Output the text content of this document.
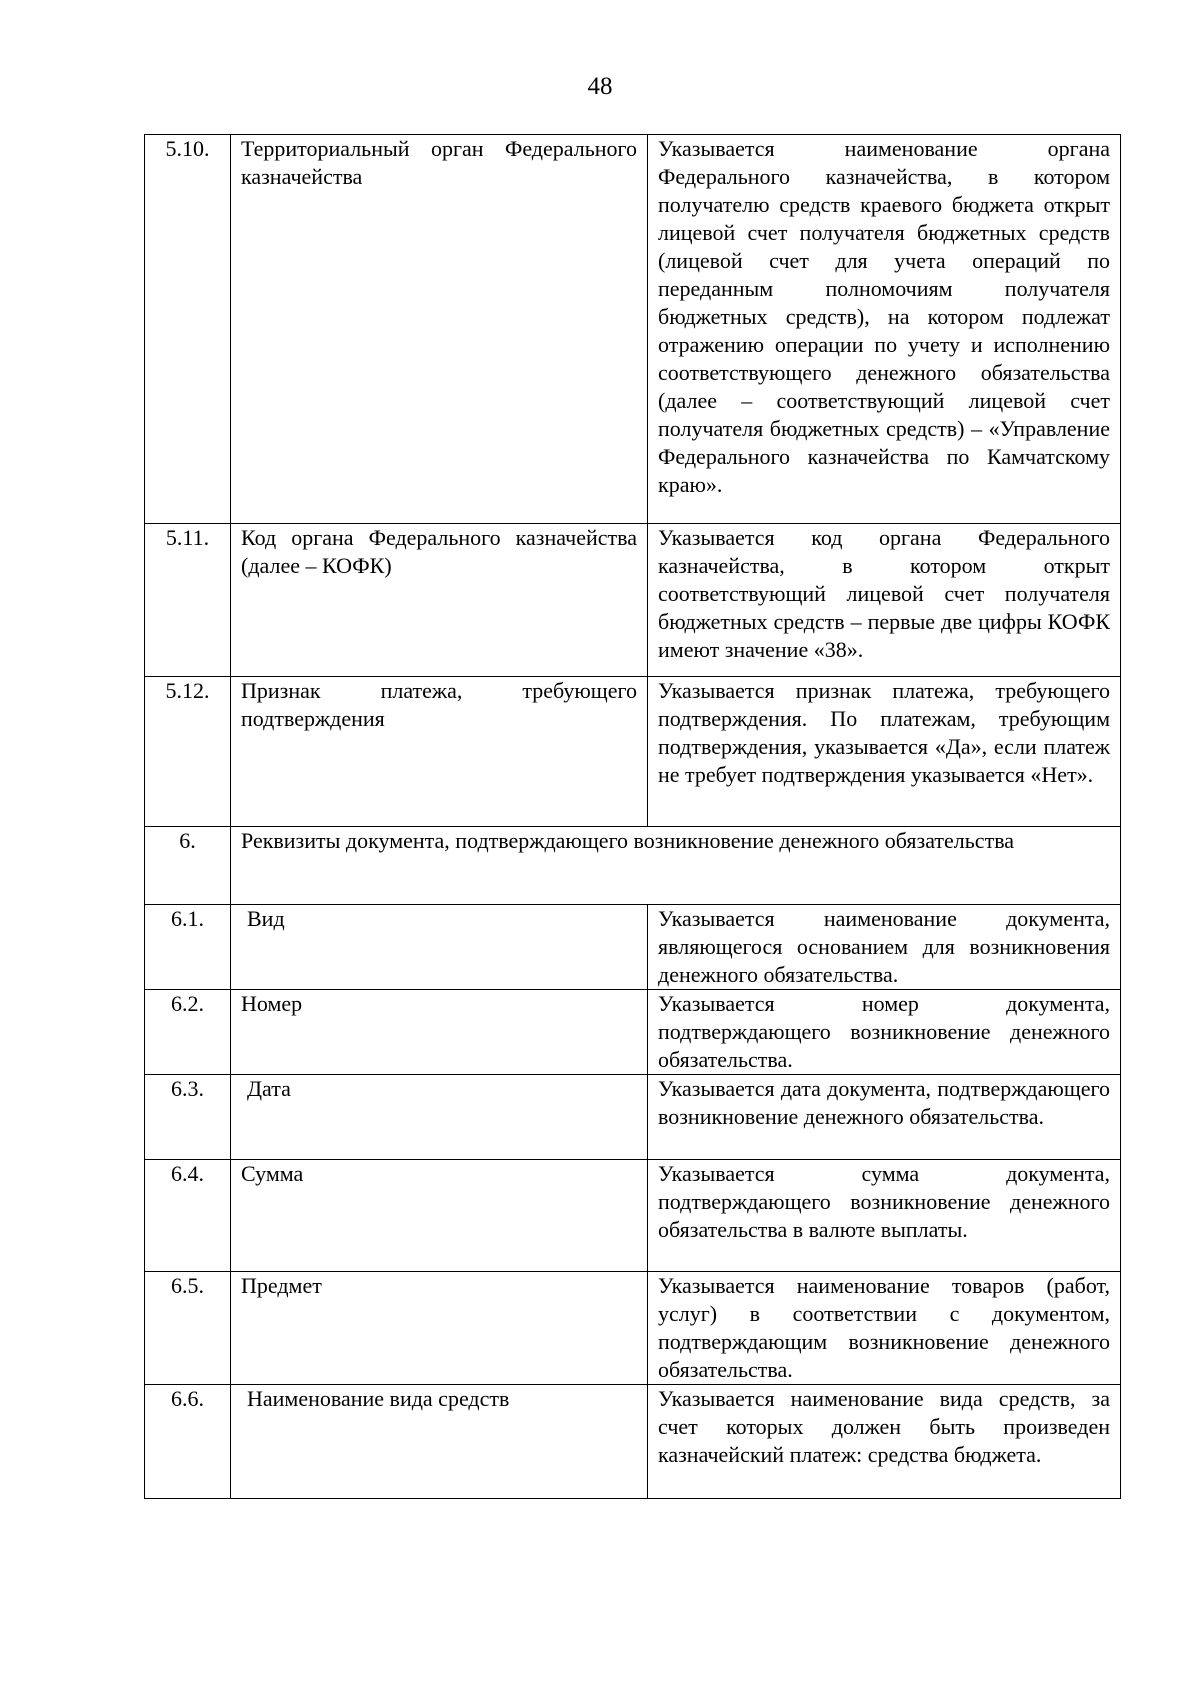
48
5.10.	Территориальный орган Федерального казначейства	Указывается наименование органа Федерального казначейства, в котором получателю средств краевого бюджета открыт лицевой счет получателя бюджетных средств (лицевой счет для учета операций по переданным полномочиям получателя бюджетных средств), на котором подлежат отражению операции по учету и исполнению соответствующего денежного обязательства (далее – соответствующий лицевой счет получателя бюджетных средств) – «Управление Федерального казначейства по Камчатскому краю».
5.11.	Код органа Федерального казначейства (далее – КОФК)	Указывается код органа Федерального казначейства, в котором открыт соответствующий лицевой счет получателя бюджетных средств – первые две цифры КОФК имеют значение «38».
5.12.	Признак платежа, требующего подтверждения	Указывается признак платежа, требующего подтверждения. По платежам, требующим подтверждения, указывается «Да», если платеж не требует подтверждения указывается «Нет».
6.	Реквизиты документа, подтверждающего возникновение денежного обязательства	
6.1.	Вид	Указывается наименование документа, являющегося основанием для возникновения денежного обязательства.
6.2.	Номер	Указывается номер документа, подтверждающего возникновение денежного обязательства.
6.3.	Дата	Указывается дата документа, подтверждающего возникновение денежного обязательства.
6.4.	Сумма	Указывается сумма документа, подтверждающего возникновение денежного обязательства в валюте выплаты.
6.5.	Предмет	Указывается наименование товаров (работ, услуг) в соответствии с документом, подтверждающим возникновение денежного обязательства.
6.6.	Наименование вида средств	Указывается наименование вида средств, за счет которых должен быть произведен казначейский платеж: средства бюджета.
